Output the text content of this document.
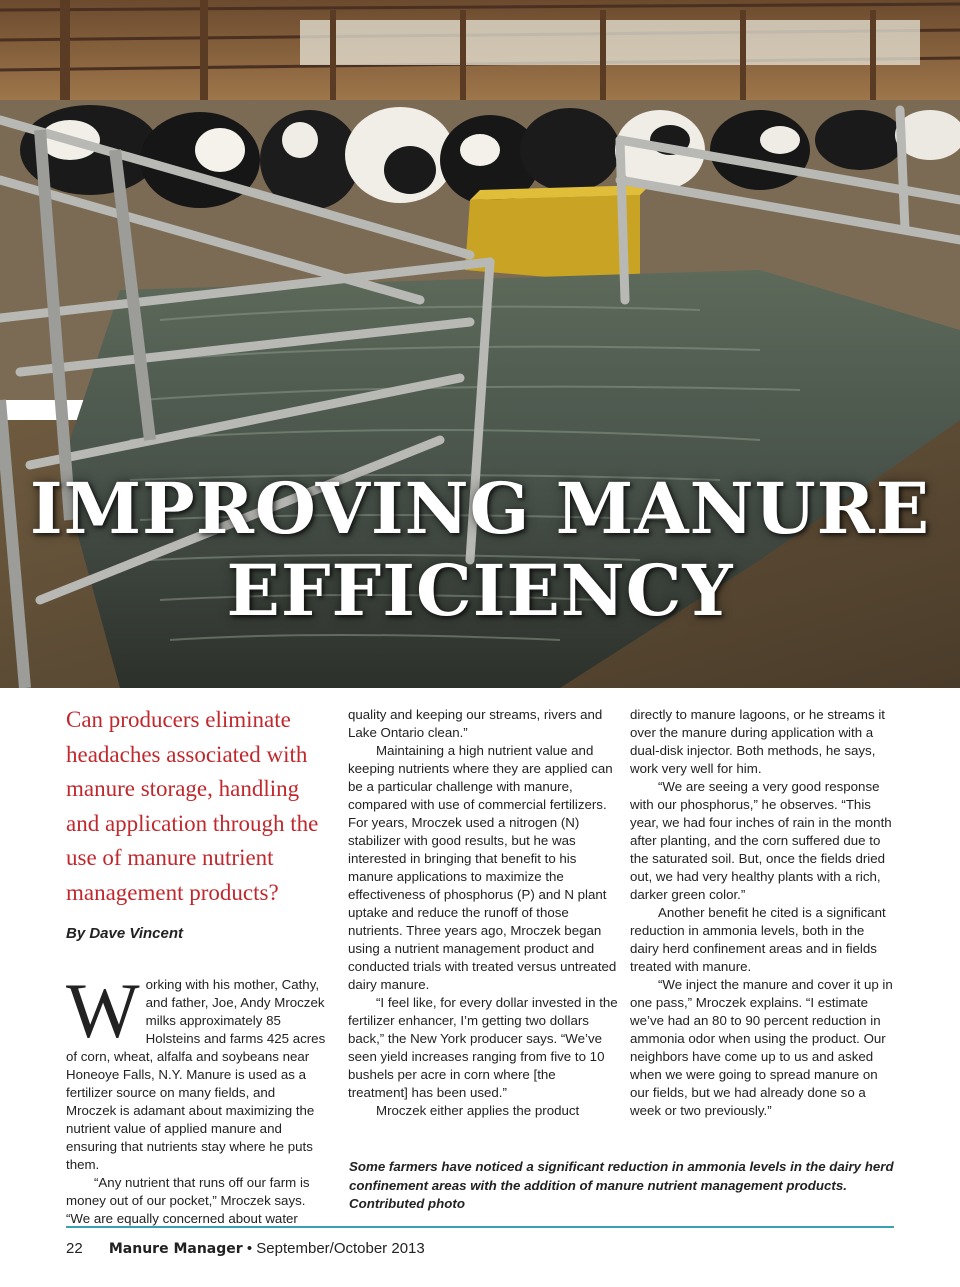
IMPROVING MANURE
EFFICIENCY

Can producers eliminate headaches associated with manure storage, handling and application through the use of manure nutrient management products?

By Dave Vincent

Working with his mother, Cathy, and father, Joe, Andy Mroczek milks approximately 85 Holsteins and farms 425 acres of corn, wheat, alfalfa and soybeans near Honeoye Falls, N.Y. Manure is used as a fertilizer source on many fields, and Mroczek is adamant about maximizing the nutrient value of applied manure and ensuring that nutrients stay where he puts them.

“Any nutrient that runs off our farm is money out of our pocket,” Mroczek says. “We are equally concerned about water

quality and keeping our streams, rivers and Lake Ontario clean.”

Maintaining a high nutrient value and keeping nutrients where they are applied can be a particular challenge with manure, compared with use of commercial fertilizers. For years, Mroczek used a nitrogen (N) stabilizer with good results, but he was interested in bringing that benefit to his manure applications to maximize the effectiveness of phosphorus (P) and N plant uptake and reduce the runoff of those nutrients. Three years ago, Mroczek began using a nutrient management product and conducted trials with treated versus untreated dairy manure.

“I feel like, for every dollar invested in the fertilizer enhancer, I’m getting two dollars back,” the New York producer says. “We’ve seen yield increases ranging from five to 10 bushels per acre in corn where [the treatment] has been used.”

Mroczek either applies the product

directly to manure lagoons, or he streams it over the manure during application with a dual-disk injector. Both methods, he says, work very well for him.

“We are seeing a very good response with our phosphorus,” he observes. “This year, we had four inches of rain in the month after planting, and the corn suffered due to the saturated soil. But, once the fields dried out, we had very healthy plants with a rich, darker green color.”

Another benefit he cited is a significant reduction in ammonia levels, both in the dairy herd confinement areas and in fields treated with manure.

“We inject the manure and cover it up in one pass,” Mroczek explains. “I estimate we’ve had an 80 to 90 percent reduction in ammonia odor when using the product. Our neighbors have come up to us and asked when we were going to spread manure on our fields, but we had already done so a week or two previously.”

Some farmers have noticed a significant reduction in ammonia levels in the dairy herd confinement areas with the addition of manure nutrient management products. Contributed photo

22 Manure Manager • September/October 2013
